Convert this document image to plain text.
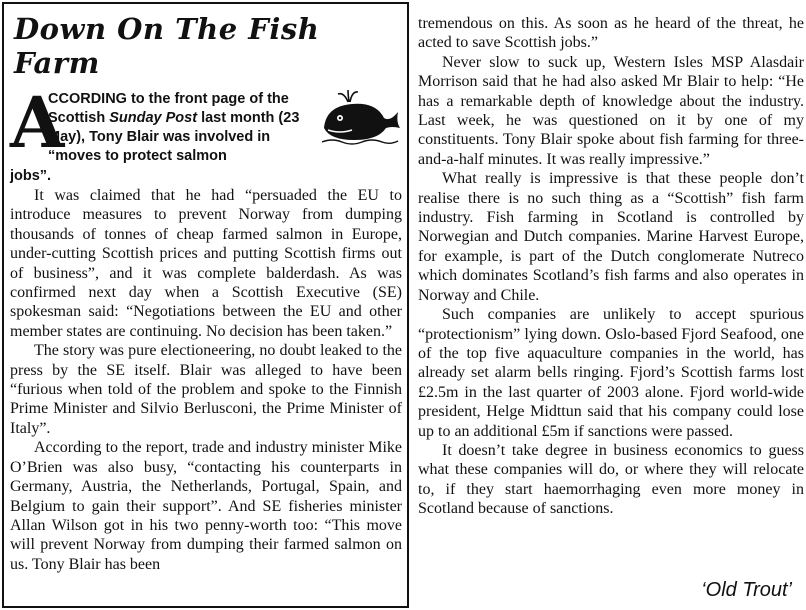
Down On The Fish Farm
A
CCORDING to the front page of the Scottish Sunday Post last month (23 May), Tony Blair was involved in “moves to protect salmon
jobs”.

It was claimed that he had “persuaded the EU to introduce measures to prevent Norway from dumping thousands of tonnes of cheap farmed salmon in Europe, under-cutting Scottish prices and putting Scottish firms out of business”, and it was complete balderdash. As was confirmed next day when a Scottish Executive (SE) spokesman said: “Negotiations between the EU and other member states are continuing. No decision has been taken.”

The story was pure electioneering, no doubt leaked to the press by the SE itself. Blair was alleged to have been “furious when told of the problem and spoke to the Finnish Prime Minister and Silvio Berlusconi, the Prime Minister of Italy”.

According to the report, trade and industry minister Mike O’Brien was also busy, “contacting his counterparts in Germany, Austria, the Netherlands, Portugal, Spain, and Belgium to gain their support”. And SE fisheries minister Allan Wilson got in his two penny-worth too: “This move will prevent Norway from dumping their farmed salmon on us. Tony Blair has been

tremendous on this. As soon as he heard of the threat, he acted to save Scottish jobs.”

Never slow to suck up, Western Isles MSP Alasdair Morrison said that he had also asked Mr Blair to help: “He has a remarkable depth of knowledge about the industry. Last week, he was questioned on it by one of my constituents. Tony Blair spoke about fish farming for three-and-a-half minutes. It was really impressive.”

What really is impressive is that these people don’t realise there is no such thing as a “Scottish” fish farm industry. Fish farming in Scotland is controlled by Norwegian and Dutch companies. Marine Harvest Europe, for example, is part of the Dutch conglomerate Nutreco which dominates Scotland’s fish farms and also operates in Norway and Chile.

Such companies are unlikely to accept spurious “protectionism” lying down. Oslo-based Fjord Seafood, one of the top five aquaculture companies in the world, has already set alarm bells ringing. Fjord’s Scottish farms lost £2.5m in the last quarter of 2003 alone. Fjord world-wide president, Helge Midttun said that his company could lose up to an additional £5m if sanctions were passed.

It doesn’t take degree in business economics to guess what these companies will do, or where they will relocate to, if they start haemorrhaging even more money in Scotland because of sanctions.

‘Old Trout’
